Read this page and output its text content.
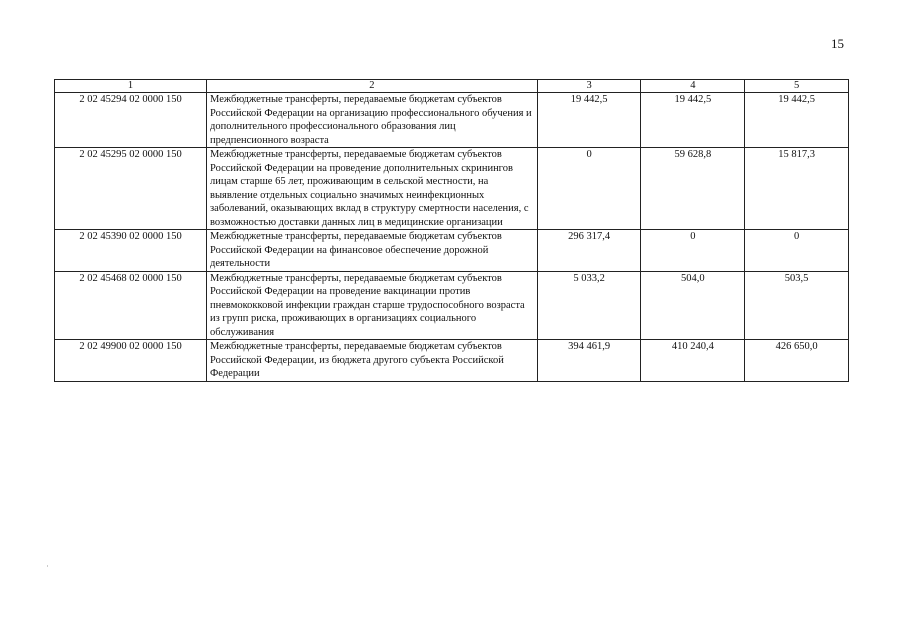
15
1	2	3	4	5
2 02 45294 02 0000 150	Межбюджетные трансферты, передаваемые бюджетам субъектов Российской Федерации на организацию профессионального обучения и дополнительного профессионального образования лиц предпенсионного возраста	19 442,5	19 442,5	19 442,5
2 02 45295 02 0000 150	Межбюджетные трансферты, передаваемые бюджетам субъектов Российской Федерации на проведение дополнительных скринингов лицам старше 65 лет, проживающим в сельской местности, на выявление отдельных социально значимых неинфекционных заболеваний, оказывающих вклад в структуру смертности населения, с возможностью доставки данных лиц в медицинские организации	0	59 628,8	15 817,3
2 02 45390 02 0000 150	Межбюджетные трансферты, передаваемые бюджетам субъектов Российской Федерации на финансовое обеспечение дорожной деятельности	296 317,4	0	0
2 02 45468 02 0000 150	Межбюджетные трансферты, передаваемые бюджетам субъектов Российской Федерации на проведение вакцинации против пневмококковой инфекции граждан старше трудоспособного возраста из групп риска, проживающих в организациях социального обслуживания	5 033,2	504,0	503,5
2 02 49900 02 0000 150	Межбюджетные трансферты, передаваемые бюджетам субъектов Российской Федерации, из бюджета другого субъекта Российской Федерации	394 461,9	410 240,4	426 650,0
